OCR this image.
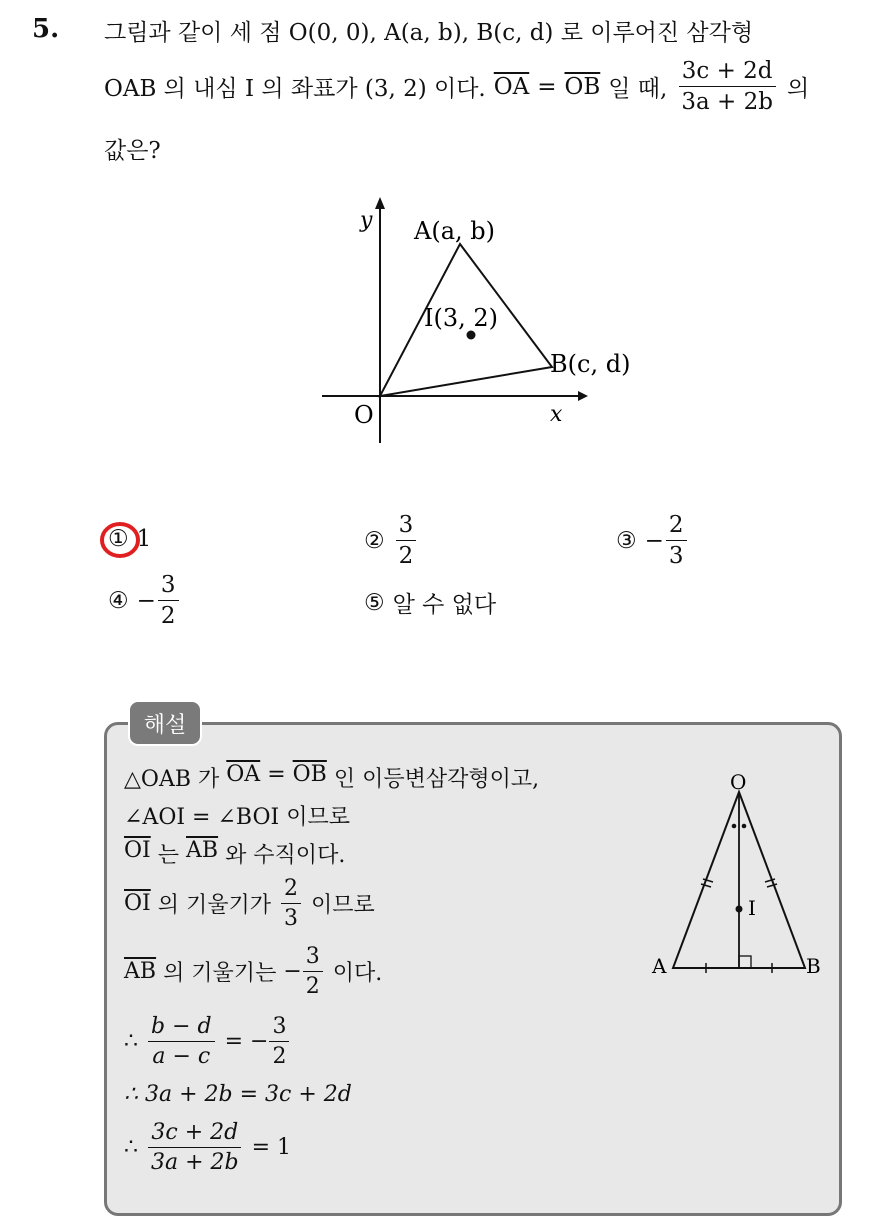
5. 그림과 같이 세 점 O(0, 0), A(a, b), B(c, d) 로 이루어진 삼각형
OAB 의 내심 I 의 좌표가 (3, 2) 이다. $\overline{OA} = \overline{OB}$ 일 때, $\frac{3c + 2d}{3a + 2b}$ 의
값은?
y
x
O
A(a, b)
B(c, d)
I(3, 2)
① 1	② $\frac{3}{2}$	③ − $\frac{2}{3}$
④ − $\frac{3}{2}$	⑤ 알 수 없다
해설
△OAB 가 $\overline{OA} = \overline{OB}$ 인 이등변삼각형이고,
∠AOI = ∠BOI 이므로
$\overline{OI}$ 는 $\overline{AB}$ 와 수직이다.
$\overline{OI}$ 의 기울기가 $\frac{2}{3}$ 이므로
$\overline{AB}$ 의 기울기는 − $\frac{3}{2}$ 이다.
∴ $\frac{b - d}{a - c}$ = − $\frac{3}{2}$
∴ 3a + 2b = 3c + 2d
∴ $\frac{3c + 2d}{3a + 2b} = 1$
O
A	B
I
